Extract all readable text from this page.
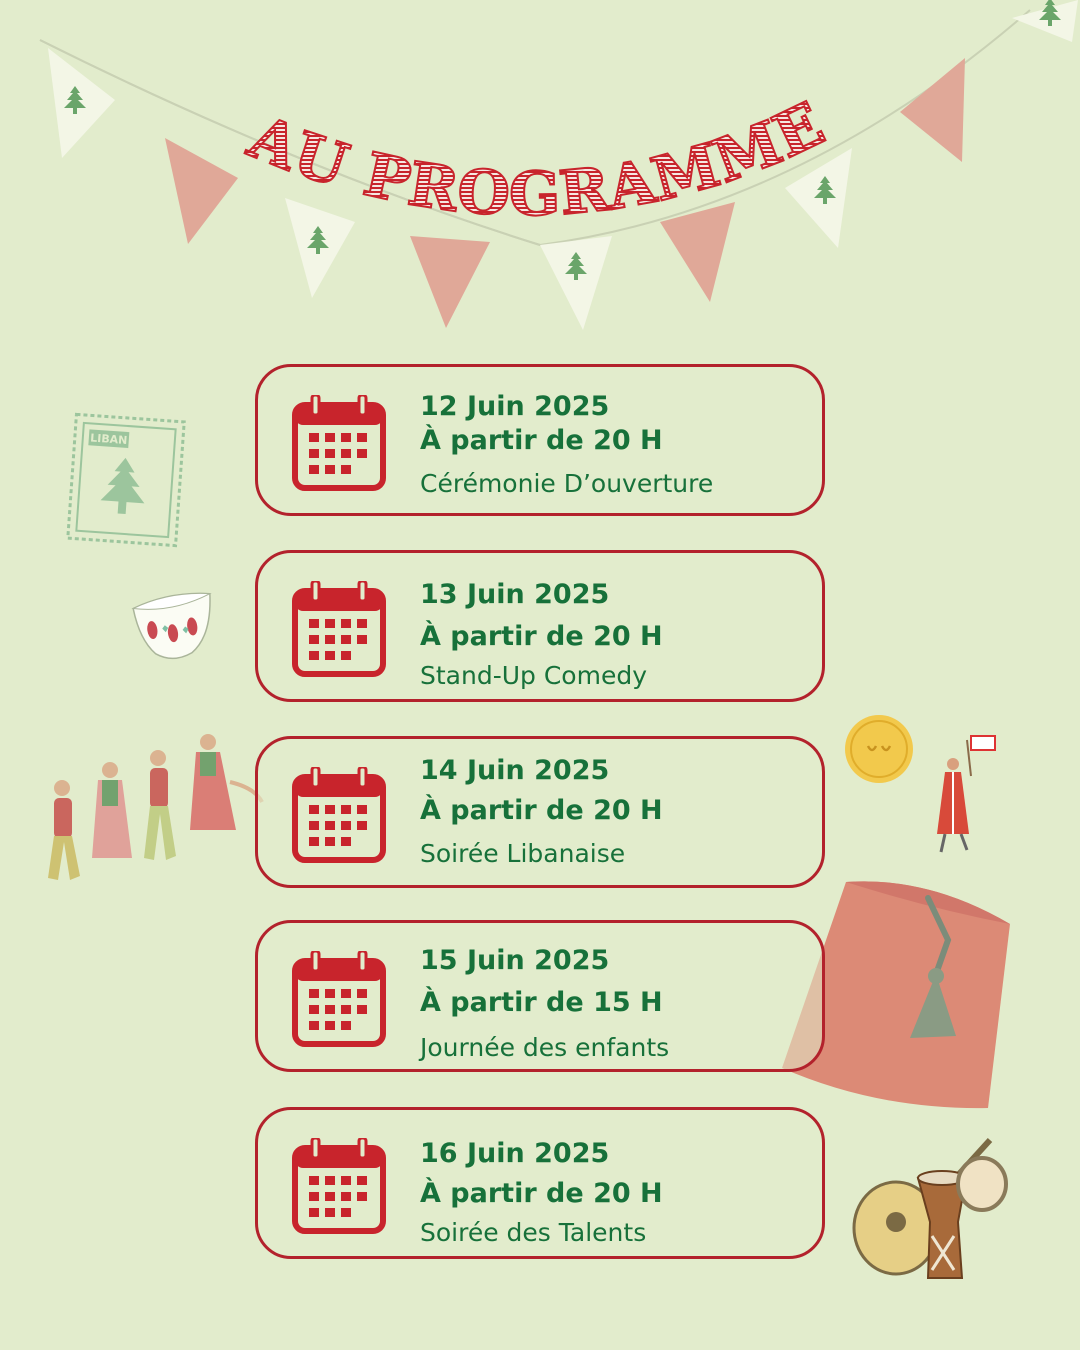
AU PROGRAMME
LIBAN
12 Juin 2025
À partir de 20 H
Cérémonie D’ouverture
13 Juin 2025
À partir de 20 H
Stand-Up Comedy
14 Juin 2025
À partir de 20 H
Soirée Libanaise
15 Juin 2025
À partir de 15 H
Journée des enfants
16 Juin 2025
À partir de 20 H
Soirée des Talents
